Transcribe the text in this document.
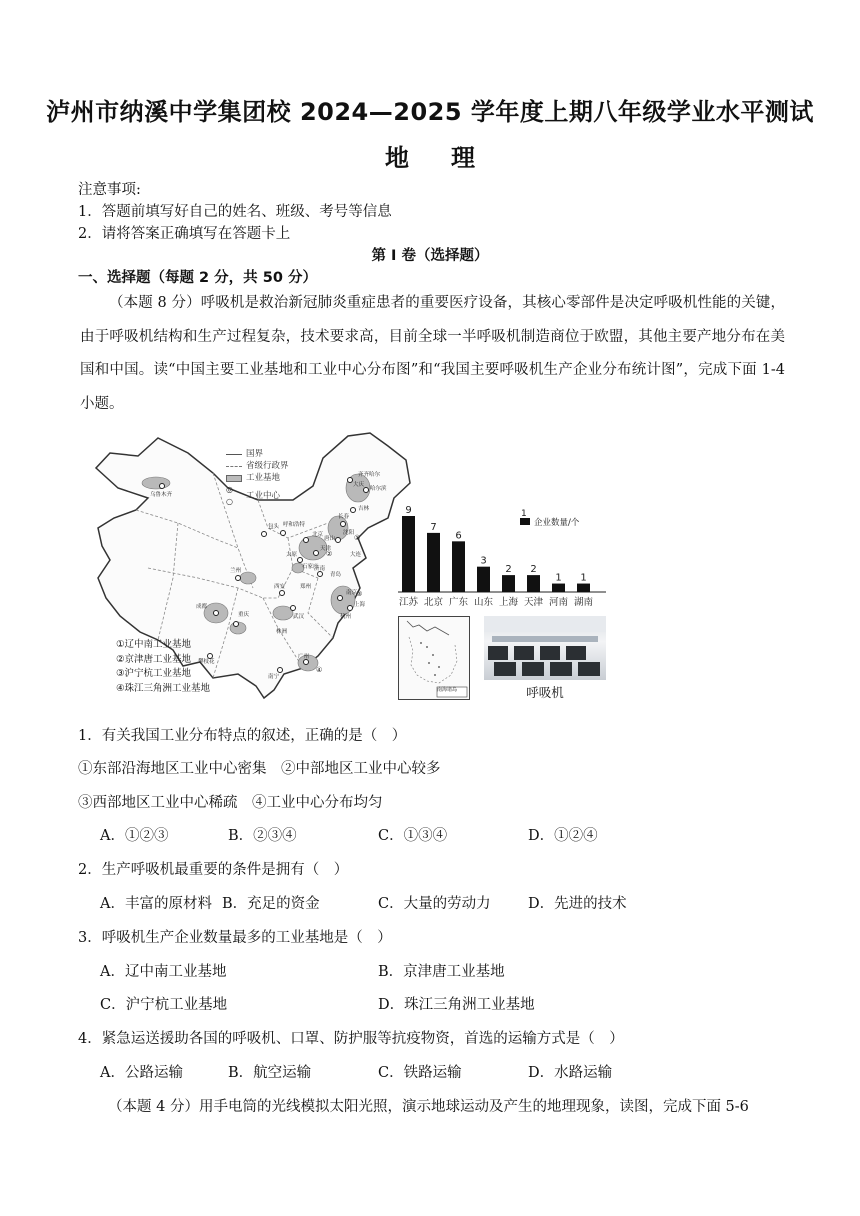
泸州市纳溪中学集团校 2024—2025 学年度上期八年级学业水平测试
地理
注意事项:
1．答题前填写好自己的姓名、班级、考号等信息
2．请将答案正确填写在答题卡上
第 I 卷（选择题）
一、选择题（每题 2 分，共 50 分）
（本题 8 分）呼吸机是救治新冠肺炎重症患者的重要医疗设备，其核心零部件是决定呼吸机性能的关键，由于呼吸机结构和生产过程复杂，技术要求高，目前全球一半呼吸机制造商位于欧盟，其他主要产地分布在美国和中国。读“中国主要工业基地和工业中心分布图”和“我国主要呼吸机生产企业分布统计图”，完成下面 1-4 小题。
乌鲁木齐
齐齐哈尔
大庆
哈尔滨
吉林
长春
沈阳
大连
包头 呼和浩特
北京
天津
唐山
石家庄
太原
济南
青岛
兰州
西安	郑州
武汉
南京
上海
杭州
成都
重庆
攀枝花
株洲
广州
南宁
①
②
③
④
国界
省级行政界
工业基地
◎ ○
工业中心
①辽中南工业基地
②京津唐工业基地
③沪宁杭工业基地
④珠江三角洲工业基地
9
江苏
7
北京
6
广东
3
山东
2
上海
2
天津
1
河南
1
湖南
1
企业数量/个
南海诸岛	呼吸机
1．有关我国工业分布特点的叙述，正确的是（　）
①东部沿海地区工业中心密集　②中部地区工业中心较多
③西部地区工业中心稀疏　④工业中心分布均匀
A．①②③	B．②③④	C．①③④	D．①②④
2．生产呼吸机最重要的条件是拥有（　）
A．丰富的原材料 B．充足的资金	C．大量的劳动力	D．先进的技术
3．呼吸机生产企业数量最多的工业基地是（　）
A．辽中南工业基地	B．京津唐工业基地
C．沪宁杭工业基地	D．珠江三角洲工业基地
4．紧急运送援助各国的呼吸机、口罩、防护服等抗疫物资，首选的运输方式是（　）
A．公路运输	B．航空运输	C．铁路运输	D．水路运输
（本题 4 分）用手电筒的光线模拟太阳光照，演示地球运动及产生的地理现象，读图，完成下面 5-6
